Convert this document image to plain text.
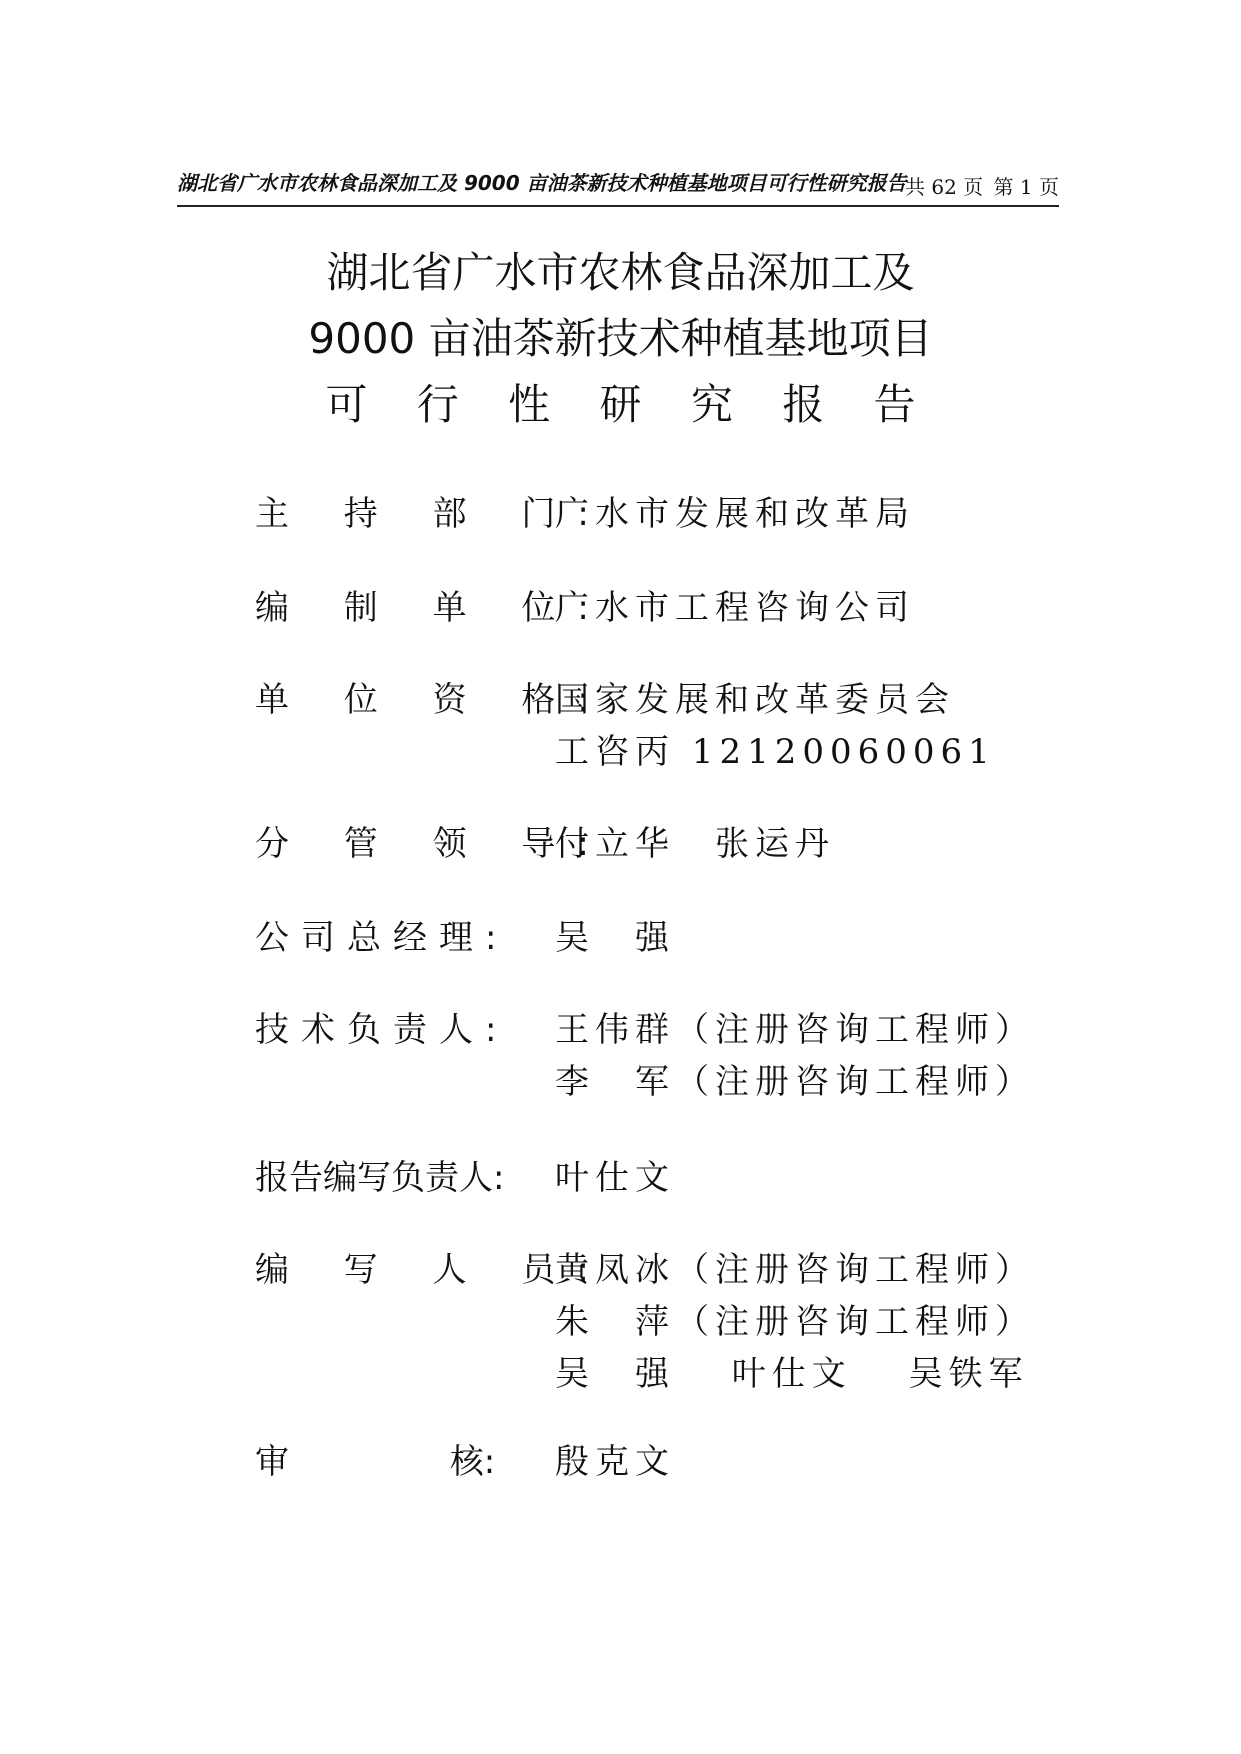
湖北省广水市农林食品深加工及 9000 亩油茶新技术种植基地项目可行性研究报告
共 62 页 第 1 页
湖北省广水市农林食品深加工及
9000 亩油茶新技术种植基地项目
可 行 性 研 究 报 告
主 持 部 门:
广水市发展和改革局
编 制 单 位:
广水市工程咨询公司
单 位 资 格:
国家发展和改革委员会
工咨丙 12120060061
分 管 领 导:
付立华　张运丹
公司总经理:	吴　强
技术负责人:	王伟群（注册咨询工程师）
李　军（注册咨询工程师）
报告编写负责人:	叶仕文
编 写 人 员:
黄凤冰（注册咨询工程师）
朱　萍（注册咨询工程师）
吴　强　 叶仕文　 吴铁军
审 核:	殷克文
